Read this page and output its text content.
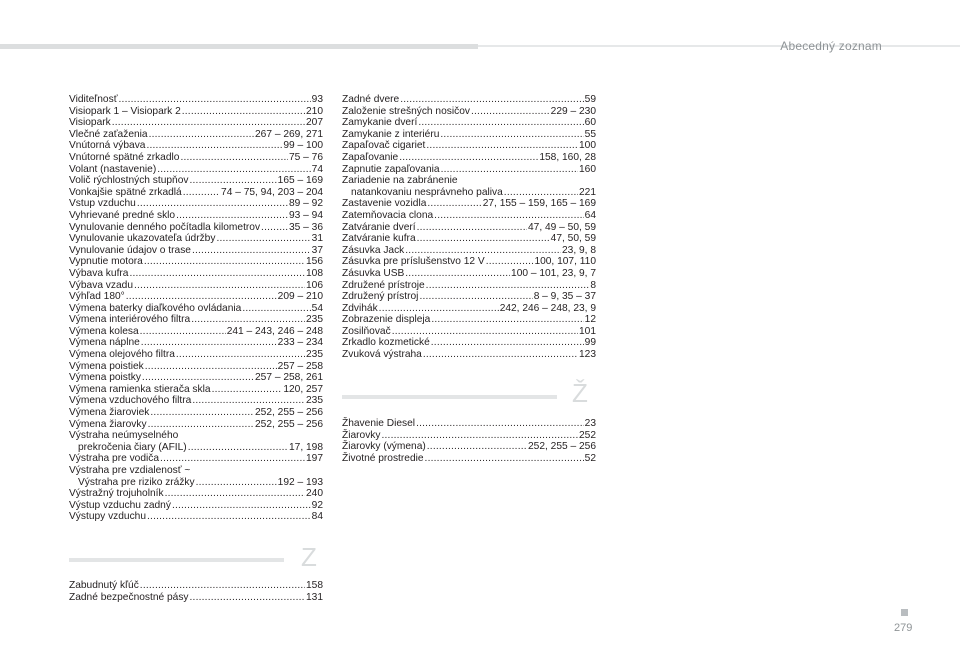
Abecedný zoznam
Viditeľnosť .....	93
Visiopark 1 – Visiopark 2 .....	210
Visiopark .....	207
Vlečné zaťaženia .....	267 – 269, 271
Vnútorná výbava .....	99 – 100
Vnútorné spätné zrkadlo .....	75 – 76
Volant (nastavenie) .....	74
Volič rýchlostných stupňov .....	165 – 169
Vonkajšie spätné zrkadlá .....	74 – 75, 94, 203 – 204
Vstup vzduchu .....	89 – 92
Vyhrievané predné sklo .....	93 – 94
Vynulovanie denného počítadla kilometrov .....	35 – 36
Vynulovanie ukazovateľa údržby .....	31
Vynulovanie údajov o trase .....	37
Vypnutie motora .....	156
Výbava kufra .....	108
Výbava vzadu .....	106
Výhľad 180° .....	209 – 210
Výmena baterky diaľkového ovládania .....	54
Výmena interiérového filtra .....	235
Výmena kolesa .....	241 – 243, 246 – 248
Výmena náplne .....	233 – 234
Výmena olejového filtra .....	235
Výmena poistiek .....	257 – 258
Výmena poistky .....	257 – 258, 261
Výmena ramienka stierača skla .....	120, 257
Výmena vzduchového filtra .....	235
Výmena žiaroviek .....	252, 255 – 256
Výmena žiarovky .....	252, 255 – 256
Výstraha neúmyselného
prekročenia čiary (AFIL) .....	17, 198
Výstraha pre vodiča .....	197
Výstraha pre vzdialenosť ~
Výstraha pre riziko zrážky .....	192 – 193
Výstražný trojuholník .....	240
Výstup vzduchu zadný .....	92
Výstupy vzduchu .....	84
Zadné dvere .....	59
Založenie strešných nosičov .....	229 – 230
Zamykanie dverí .....	60
Zamykanie z interiéru .....	55
Zapaľovač cigariet .....	100
Zapaľovanie .....	158, 160, 28
Zapnutie zapaľovania .....	160
Zariadenie na zabránenie
natankovaniu nesprávneho paliva .....	221
Zastavenie vozidla .....	27, 155 – 159, 165 – 169
Zatemňovacia clona .....	64
Zatváranie dverí .....	47, 49 – 50, 59
Zatváranie kufra .....	47, 50, 59
Zásuvka Jack .....	23, 9, 8
Zásuvka pre príslušenstvo 12 V .....	100, 107, 110
Zásuvka USB .....	100 – 101, 23, 9, 7
Združené prístroje .....	8
Združený prístroj .....	8 – 9, 35 – 37
Zdvihák .....	242, 246 – 248, 23, 9
Zobrazenie displeja .....	12
Zosilňovač .....	101
Zrkadlo kozmetické .....	99
Zvuková výstraha .....	123
Z
Zabudnutý kľúč .....	158
Zadné bezpečnostné pásy .....	131
Ž
Žhavenie Diesel .....	23
Žiarovky .....	252
Žiarovky (výmena) .....	252, 255 – 256
Životné prostredie .....	52
279
